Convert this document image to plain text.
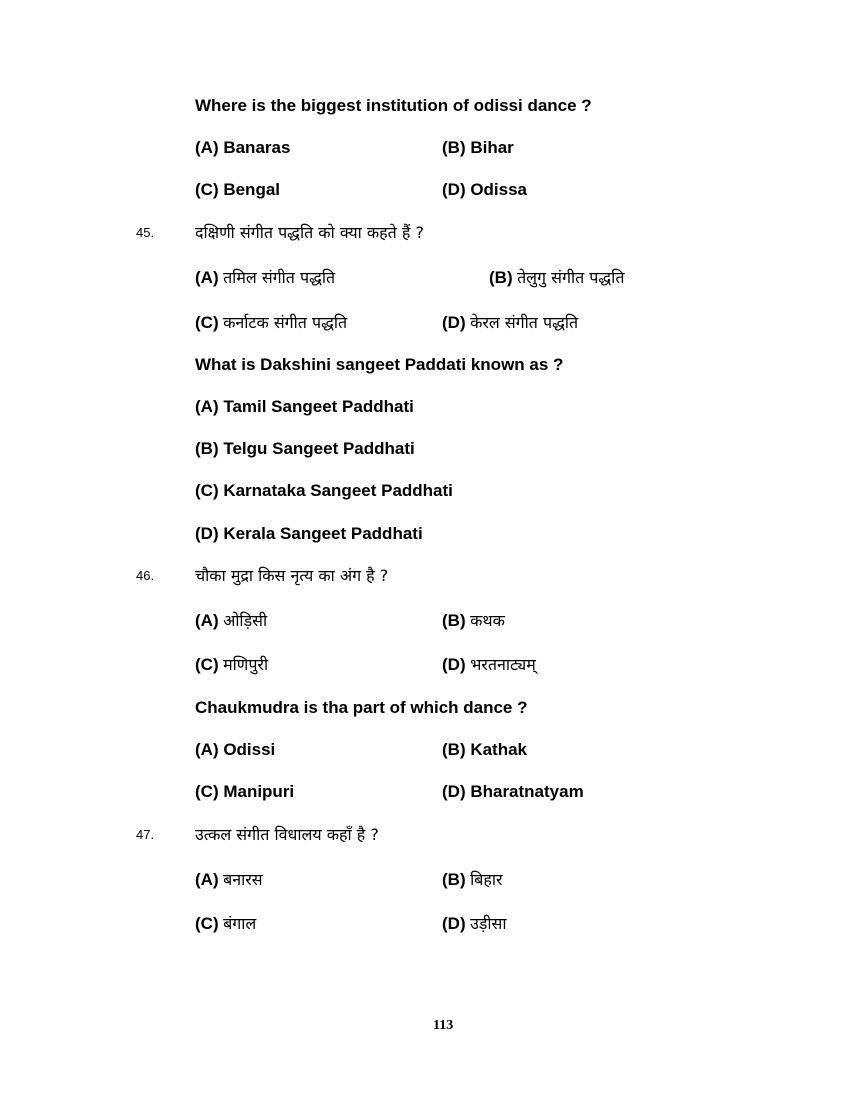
Where is the biggest institution of odissi dance ?
(A) Banaras	(B) Bihar
(C) Bengal	(D) Odissa
45.	दक्षिणी संगीत पद्धति को क्या कहते हैं ?
(A) तमिल संगीत पद्धति	(B) तेलुगु संगीत पद्धति
(C) कर्नाटक संगीत पद्धति	(D) केरल संगीत पद्धति
What is Dakshini sangeet Paddati known as ?
(A) Tamil Sangeet Paddhati
(B) Telgu Sangeet Paddhati
(C) Karnataka Sangeet Paddhati
(D) Kerala Sangeet Paddhati
46.	चौका मुद्रा किस नृत्य का अंग है ?
(A) ओड़िसी	(B) कथक
(C) मणिपुरी	(D) भरतनाट्यम्
Chaukmudra is tha part of which dance ?
(A) Odissi	(B) Kathak
(C) Manipuri	(D) Bharatnatyam
47.	उत्कल संगीत विधालय कहाँ है ?
(A) बनारस	(B) बिहार
(C) बंगाल	(D) उड़ीसा
113
